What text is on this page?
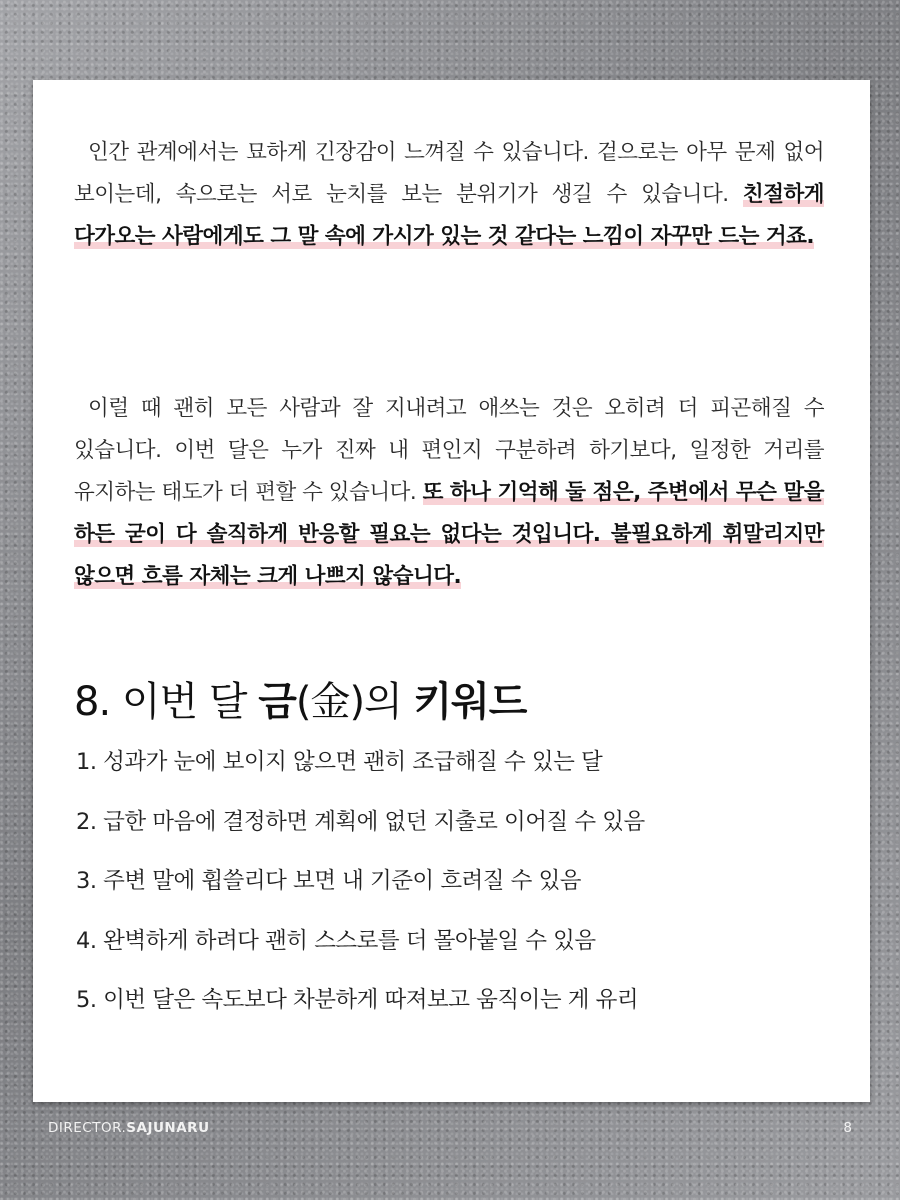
인간 관계에서는 묘하게 긴장감이 느껴질 수 있습니다. 겉으로는 아무 문제 없어 보이는데, 속으로는 서로 눈치를 보는 분위기가 생길 수 있습니다. 친절하게 다가오는 사람에게도 그 말 속에 가시가 있는 것 같다는 느낌이 자꾸만 드는 거죠.
이럴 때 괜히 모든 사람과 잘 지내려고 애쓰는 것은 오히려 더 피곤해질 수 있습니다. 이번 달은 누가 진짜 내 편인지 구분하려 하기보다, 일정한 거리를 유지하는 태도가 더 편할 수 있습니다. 또 하나 기억해 둘 점은, 주변에서 무슨 말을 하든 굳이 다 솔직하게 반응할 필요는 없다는 것입니다. 불필요하게 휘말리지만 않으면 흐름 자체는 크게 나쁘지 않습니다.
8. 이번 달 금(金)의 키워드
1. 성과가 눈에 보이지 않으면 괜히 조급해질 수 있는 달
2. 급한 마음에 결정하면 계획에 없던 지출로 이어질 수 있음
3. 주변 말에 휩쓸리다 보면 내 기준이 흐려질 수 있음
4. 완벽하게 하려다 괜히 스스로를 더 몰아붙일 수 있음
5. 이번 달은 속도보다 차분하게 따져보고 움직이는 게 유리
DIRECTOR.SAJUNARU	8
